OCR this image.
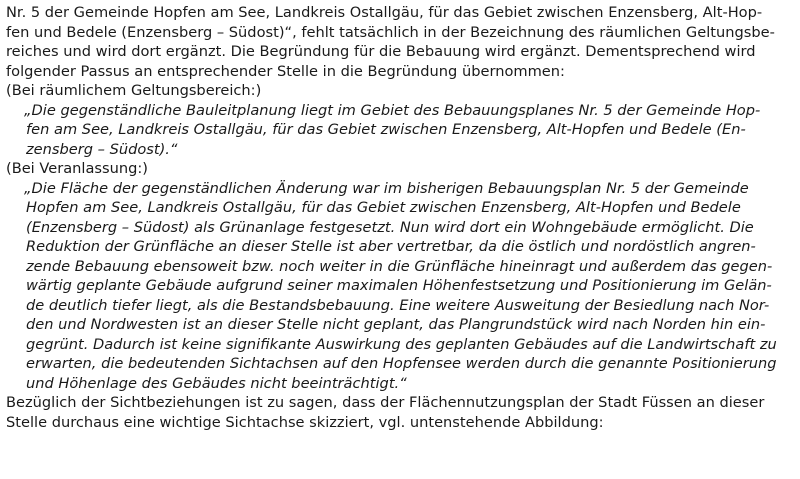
Nr. 5 der Gemeinde Hopfen am See, Landkreis Ostallgäu, für das Gebiet zwischen Enzensberg, Alt-Hop-

fen und Bedele (Enzensberg – Südost)“, fehlt tatsächlich in der Bezeichnung des räumlichen Geltungsbe-

reiches und wird dort ergänzt. Die Begründung für die Bebauung wird ergänzt. Dementsprechend wird

folgender Passus an entsprechender Stelle in die Begründung übernommen:

(Bei räumlichem Geltungsbereich:)

„Die gegenständliche Bauleitplanung liegt im Gebiet des Bebauungsplanes Nr. 5 der Gemeinde Hop-

fen am See, Landkreis Ostallgäu, für das Gebiet zwischen Enzensberg, Alt-Hopfen und Bedele (En-

zensberg – Südost).“

(Bei Veranlassung:)

„Die Fläche der gegenständlichen Änderung war im bisherigen Bebauungsplan Nr. 5 der Gemeinde

Hopfen am See, Landkreis Ostallgäu, für das Gebiet zwischen Enzensberg, Alt-Hopfen und Bedele

(Enzensberg – Südost) als Grünanlage festgesetzt. Nun wird dort ein Wohngebäude ermöglicht. Die

Reduktion der Grünfläche an dieser Stelle ist aber vertretbar, da die östlich und nordöstlich angren-

zende Bebauung ebensoweit bzw. noch weiter in die Grünfläche hineinragt und außerdem das gegen-

wärtig geplante Gebäude aufgrund seiner maximalen Höhenfestsetzung und Positionierung im Gelän-

de deutlich tiefer liegt, als die Bestandsbebauung. Eine weitere Ausweitung der Besiedlung nach Nor-

den und Nordwesten ist an dieser Stelle nicht geplant, das Plangrundstück wird nach Norden hin ein-

gegrünt. Dadurch ist keine signifikante Auswirkung des geplanten Gebäudes auf die Landwirtschaft zu

erwarten, die bedeutenden Sichtachsen auf den Hopfensee werden durch die genannte Positionierung

und Höhenlage des Gebäudes nicht beeinträchtigt.“

Bezüglich der Sichtbeziehungen ist zu sagen, dass der Flächennutzungsplan der Stadt Füssen an dieser

Stelle durchaus eine wichtige Sichtachse skizziert, vgl. untenstehende Abbildung:
